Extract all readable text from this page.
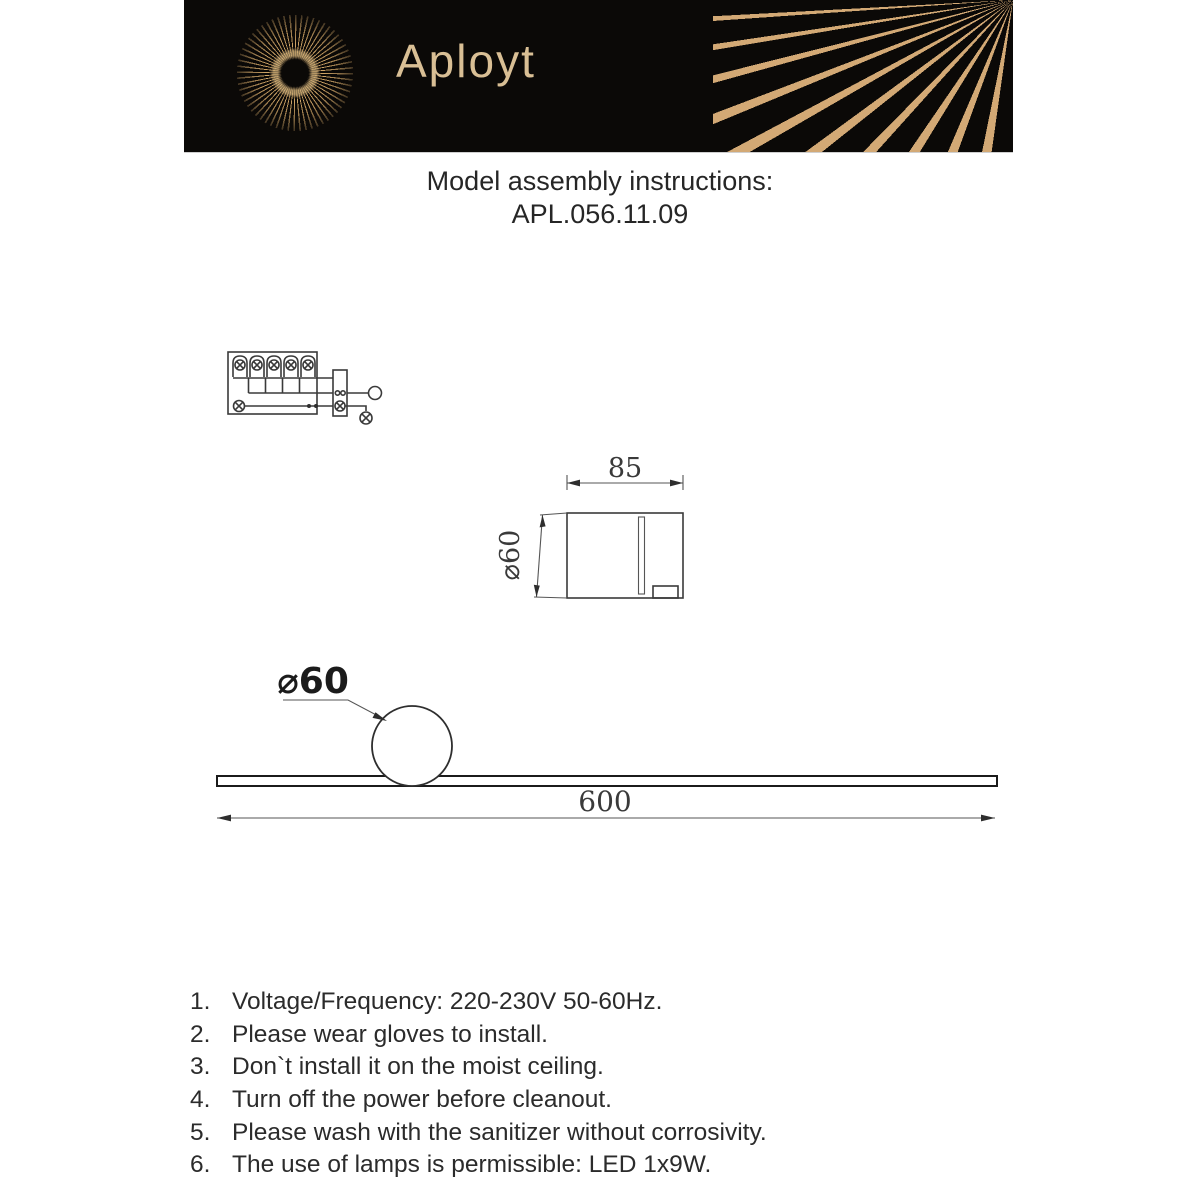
Aployt
Model assembly instructions:
APL.056.11.09
85
⌀60
⌀60
600
1. Voltage/Frequency: 220-230V 50-60Hz.
2. Please wear gloves to install.
3. Don`t install it on the moist ceiling.
4. Turn off the power before cleanout.
5. Please wash with the sanitizer without corrosivity.
6. The use of lamps is permissible: LED 1x9W.
